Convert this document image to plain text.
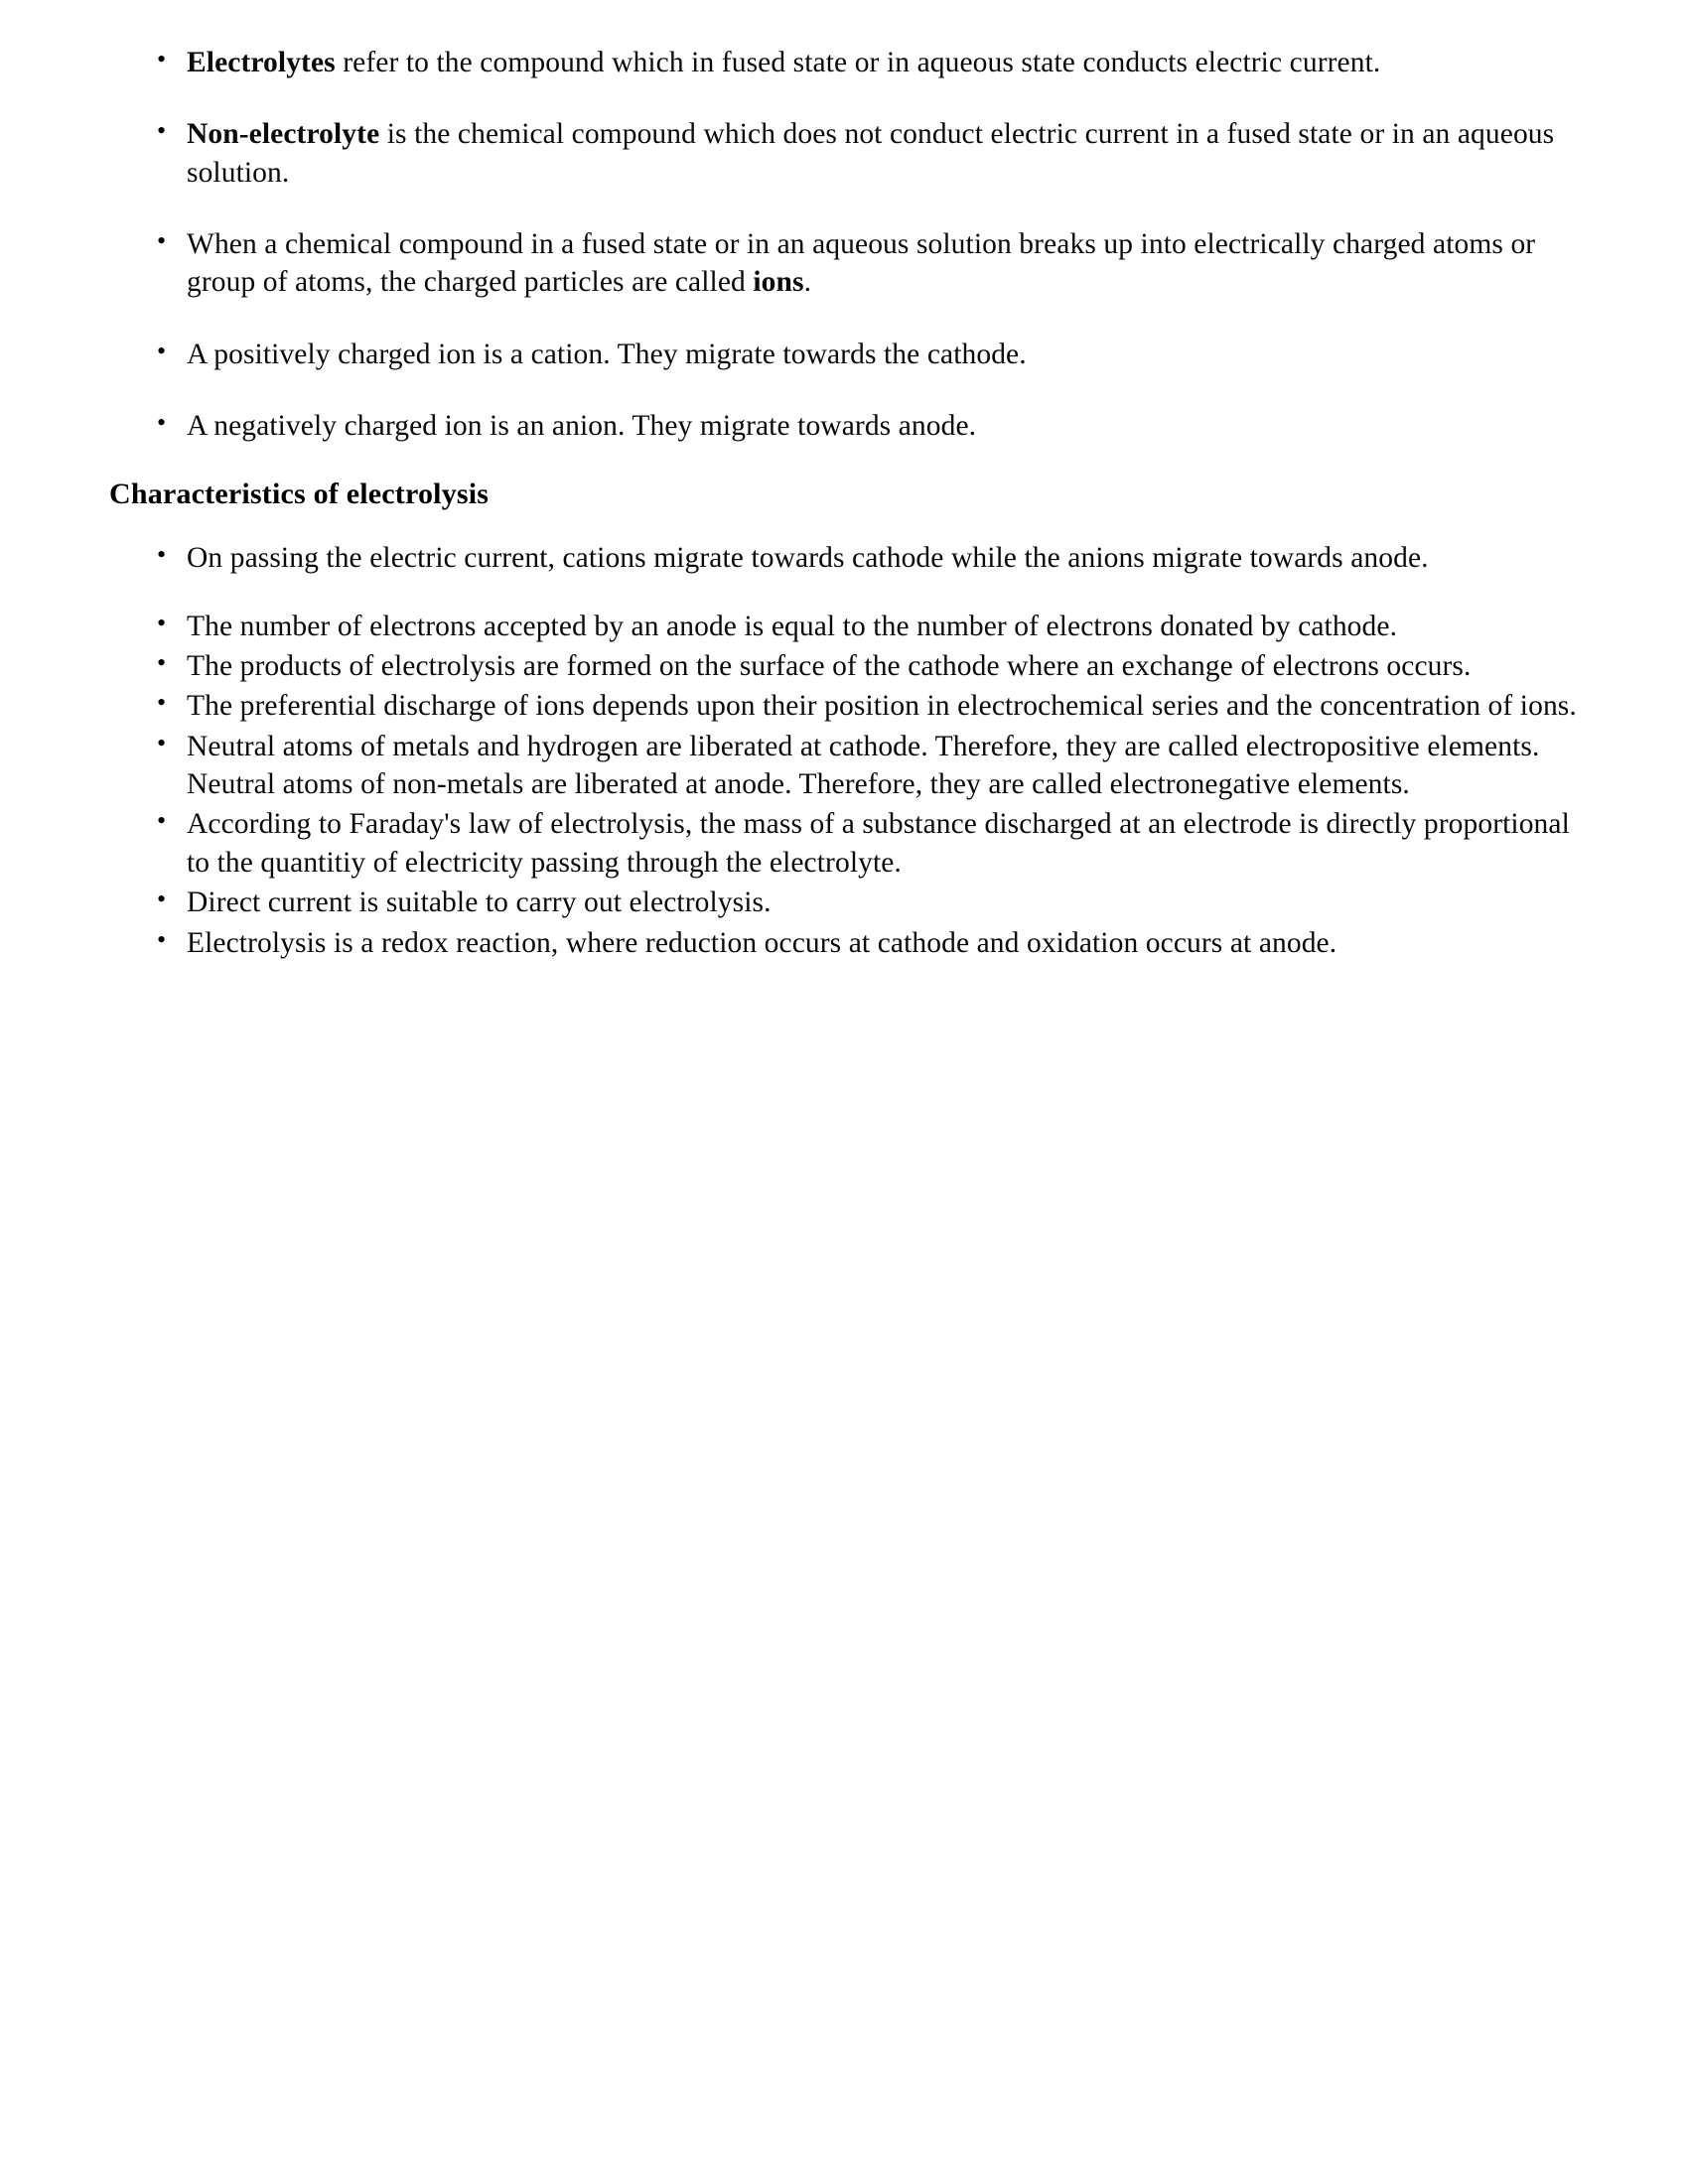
• Electrolytes refer to the compound which in fused state or in aqueous state conducts electric current.
• Non-electrolyte is the chemical compound which does not conduct electric current in a fused state or in an aqueous solution.
• When a chemical compound in a fused state or in an aqueous solution breaks up into electrically charged atoms or group of atoms, the charged particles are called ions.
• A positively charged ion is a cation. They migrate towards the cathode.
• A negatively charged ion is an anion. They migrate towards anode.
Characteristics of electrolysis
• On passing the electric current, cations migrate towards cathode while the anions migrate towards anode.
• The number of electrons accepted by an anode is equal to the number of electrons donated by cathode.
• The products of electrolysis are formed on the surface of the cathode where an exchange of electrons occurs.
• The preferential discharge of ions depends upon their position in electrochemical series and the concentration of ions.
• Neutral atoms of metals and hydrogen are liberated at cathode. Therefore, they are called electropositive elements. Neutral atoms of non-metals are liberated at anode. Therefore, they are called electronegative elements.
• According to Faraday's law of electrolysis, the mass of a substance discharged at an electrode is directly proportional to the quantitiy of electricity passing through the electrolyte.
• Direct current is suitable to carry out electrolysis.
• Electrolysis is a redox reaction, where reduction occurs at cathode and oxidation occurs at anode.
